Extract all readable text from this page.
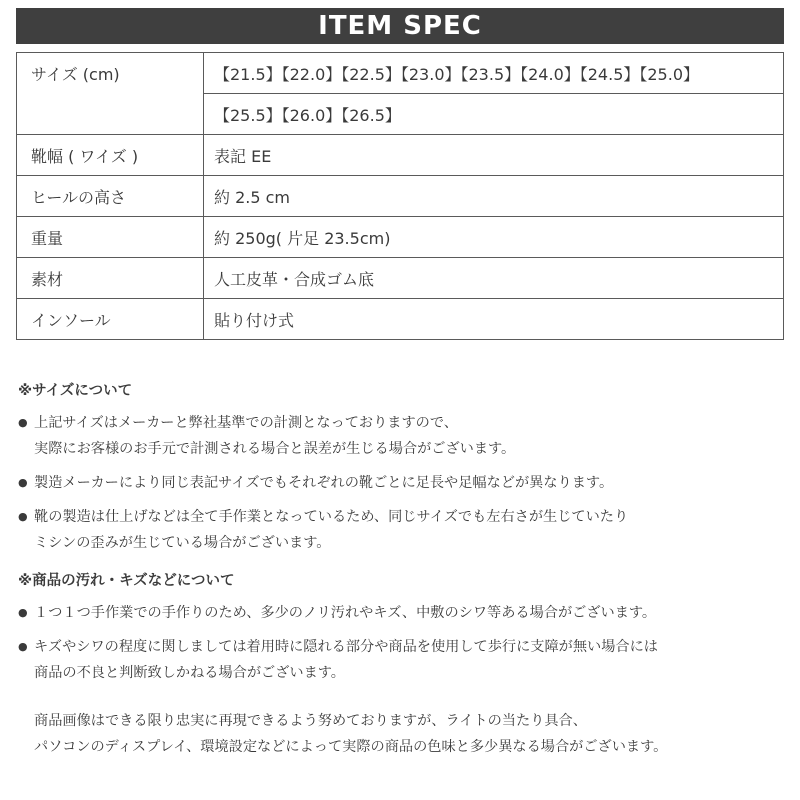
ITEM SPEC
サイズ (cm)	【21.5】【22.0】【22.5】【23.0】【23.5】【24.0】【24.5】【25.0】
	【25.5】【26.0】【26.5】
靴幅 ( ワイズ )	表記 EE
ヒールの高さ	約 2.5 cm
重量	約 250g( 片足 23.5cm)
素材	人工皮革・合成ゴム底
インソール	貼り付け式
※サイズについて
● 上記サイズはメーカーと弊社基準での計測となっておりますので、
実際にお客様のお手元で計測される場合と誤差が生じる場合がございます。
● 製造メーカーにより同じ表記サイズでもそれぞれの靴ごとに足長や足幅などが異なります。
● 靴の製造は仕上げなどは全て手作業となっているため、同じサイズでも左右さが生じていたり
ミシンの歪みが生じている場合がございます。
※商品の汚れ・キズなどについて
● １つ１つ手作業での手作りのため、多少のノリ汚れやキズ、中敷のシワ等ある場合がございます。
● キズやシワの程度に関しましては着用時に隠れる部分や商品を使用して歩行に支障が無い場合には
商品の不良と判断致しかねる場合がございます。
商品画像はできる限り忠実に再現できるよう努めておりますが、ライトの当たり具合、
パソコンのディスプレイ、環境設定などによって実際の商品の色味と多少異なる場合がございます。
